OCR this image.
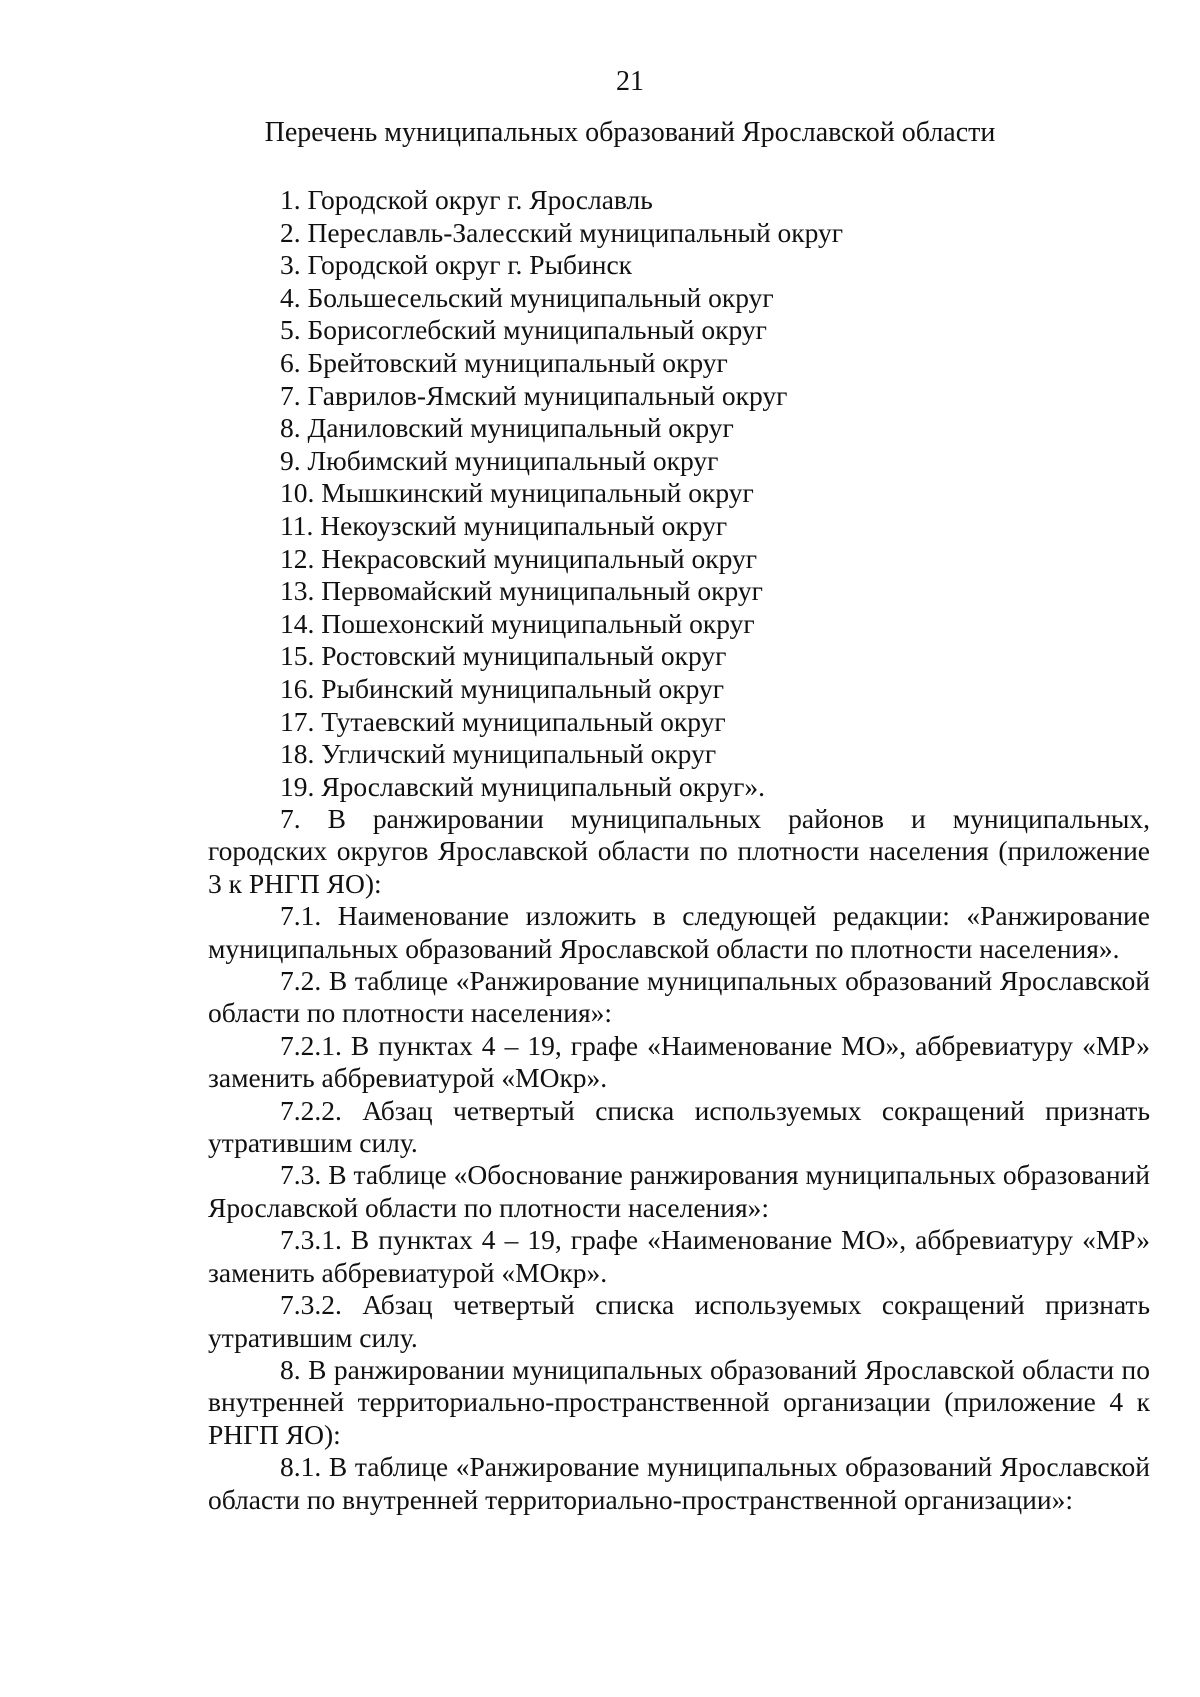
21
Перечень муниципальных образований Ярославской области
1. Городской округ г. Ярославль
2. Переславль-Залесский муниципальный округ
3. Городской округ г. Рыбинск
4. Большесельский муниципальный округ
5. Борисоглебский муниципальный округ
6. Брейтовский муниципальный округ
7. Гаврилов-Ямский муниципальный округ
8. Даниловский муниципальный округ
9. Любимский муниципальный округ
10. Мышкинский муниципальный округ
11. Некоузский муниципальный округ
12. Некрасовский муниципальный округ
13. Первомайский муниципальный округ
14. Пошехонский муниципальный округ
15. Ростовский муниципальный округ
16. Рыбинский муниципальный округ
17. Тутаевский муниципальный округ
18. Угличский муниципальный округ
19. Ярославский муниципальный округ».

7. В ранжировании муниципальных районов и муниципальных, городских округов Ярославской области по плотности населения (приложение 3 к РНГП ЯО):

7.1. Наименование изложить в следующей редакции: «Ранжирование муниципальных образований Ярославской области по плотности населения».

7.2. В таблице «Ранжирование муниципальных образований Ярославской области по плотности населения»:

7.2.1. В пунктах 4 – 19, графе «Наименование МО», аббревиатуру «МР» заменить аббревиатурой «МОкр».

7.2.2. Абзац четвертый списка используемых сокращений признать утратившим силу.

7.3. В таблице «Обоснование ранжирования муниципальных образований Ярославской области по плотности населения»:

7.3.1. В пунктах 4 – 19, графе «Наименование МО», аббревиатуру «МР» заменить аббревиатурой «МОкр».

7.3.2. Абзац четвертый списка используемых сокращений признать утратившим силу.

8. В ранжировании муниципальных образований Ярославской области по внутренней территориально-пространственной организации (приложение 4 к РНГП ЯО):

8.1. В таблице «Ранжирование муниципальных образований Ярославской области по внутренней территориально-пространственной организации»:
